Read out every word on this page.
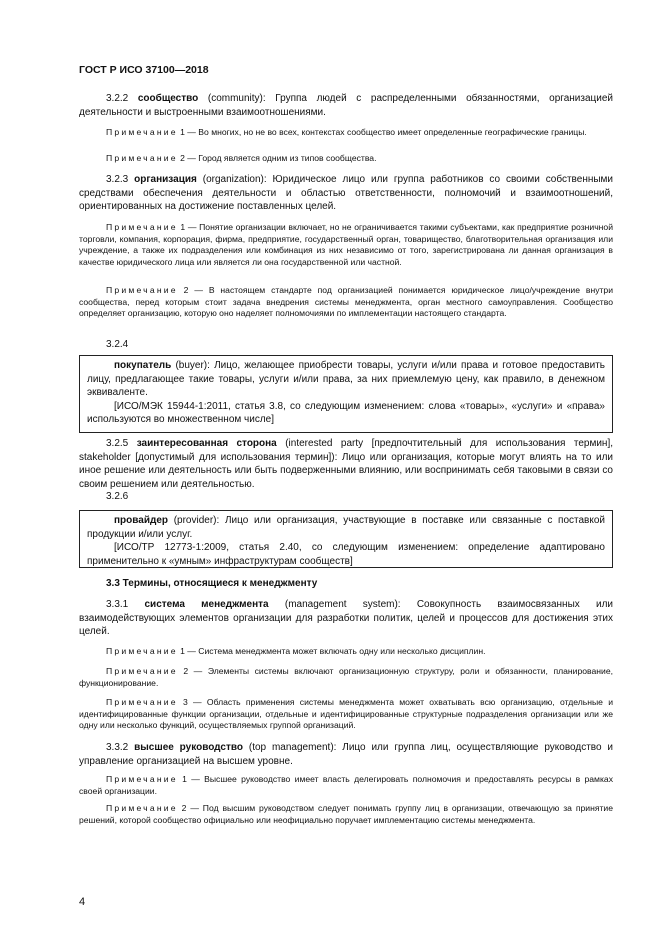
ГОСТ Р ИСО 37100—2018

3.2.2 сообщество (community): Группа людей с распределенными обязанностями, организацией деятельности и выстроенными взаимоотношениями.

Примечание 1 — Во многих, но не во всех, контекстах сообщество имеет определенные географические границы.

Примечание 2 — Город является одним из типов сообщества.

3.2.3 организация (organization): Юридическое лицо или группа работников со своими собственными средствами обеспечения деятельности и областью ответственности, полномочий и взаимоотношений, ориентированных на достижение поставленных целей.

Примечание 1 — Понятие организации включает, но не ограничивается такими субъектами, как предприятие розничной торговли, компания, корпорация, фирма, предприятие, государственный орган, товарищество, благотворительная организация или учреждение, а также их подразделения или комбинация из них независимо от того, зарегистрирована ли данная организация в качестве юридического лица или является ли она государственной или частной.

Примечание 2 — В настоящем стандарте под организацией понимается юридическое лицо/учреждение внутри сообщества, перед которым стоит задача внедрения системы менеджмента, орган местного самоуправления. Сообщество определяет организацию, которую оно наделяет полномочиями по имплементации настоящего стандарта.

3.2.4

покупатель (buyer): Лицо, желающее приобрести товары, услуги и/или права и готовое предоставить лицу, предлагающее такие товары, услуги и/или права, за них приемлемую цену, как правило, в денежном эквиваленте.

[ИСО/МЭК 15944-1:2011, статья 3.8, со следующим изменением: слова «товары», «услуги» и «права» используются во множественном числе]

3.2.5 заинтересованная сторона (interested party [предпочтительный для использования термин], stakeholder [допустимый для использования термин]): Лицо или организация, которые могут влиять на то или иное решение или деятельность или быть подверженными влиянию, или воспринимать себя таковыми в связи со своим решением или деятельностью.

3.2.6

провайдер (provider): Лицо или организация, участвующие в поставке или связанные с поставкой продукции и/или услуг.

[ИСО/ТР 12773-1:2009, статья 2.40, со следующим изменением: определение адаптировано применительно к «умным» инфраструктурам сообществ]

3.3 Термины, относящиеся к менеджменту

3.3.1 система менеджмента (management system): Совокупность взаимосвязанных или взаимодействующих элементов организации для разработки политик, целей и процессов для достижения этих целей.

Примечание 1 — Система менеджмента может включать одну или несколько дисциплин.

Примечание 2 — Элементы системы включают организационную структуру, роли и обязанности, планирование, функционирование.

Примечание 3 — Область применения системы менеджмента может охватывать всю организацию, отдельные и идентифицированные функции организации, отдельные и идентифицированные структурные подразделения организации или же одну или несколько функций, осуществляемых группой организаций.

3.3.2 высшее руководство (top management): Лицо или группа лиц, осуществляющие руководство и управление организацией на высшем уровне.

Примечание 1 — Высшее руководство имеет власть делегировать полномочия и предоставлять ресурсы в рамках своей организации.

Примечание 2 — Под высшим руководством следует понимать группу лиц в организации, отвечающую за принятие решений, которой сообщество официально или неофициально поручает имплементацию системы менеджмента.

4
